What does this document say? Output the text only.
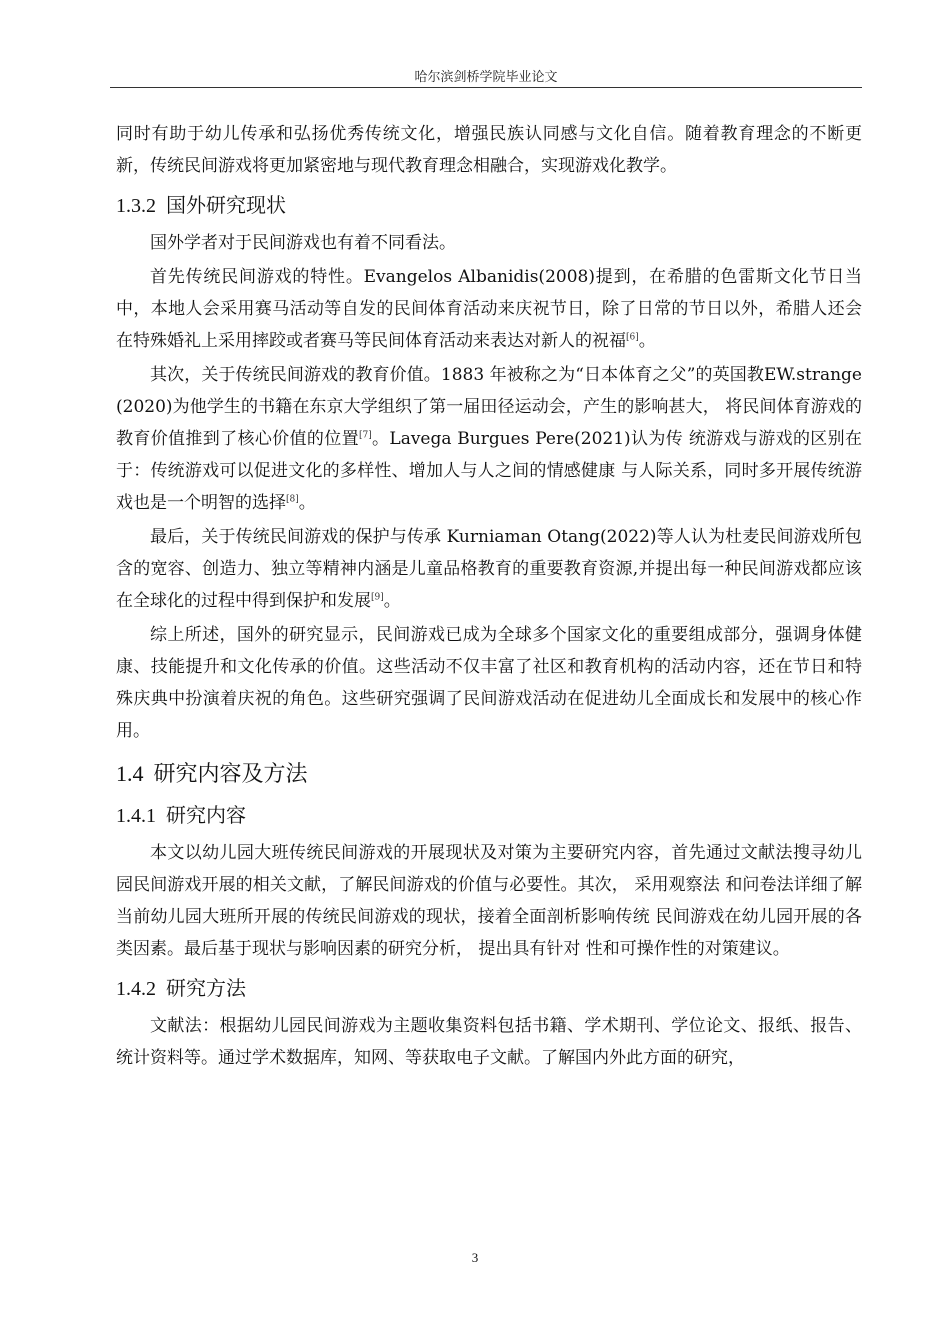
哈尔滨剑桥学院毕业论文

同时有助于幼儿传承和弘扬优秀传统文化，增强民族认同感与文化自信。随着教育理念的不断更新，传统民间游戏将更加紧密地与现代教育理念相融合，实现游戏化教学。

1.3.2 国外研究现状

国外学者对于民间游戏也有着不同看法。

首先传统民间游戏的特性。Evangelos Albanidis(2008)提到，在希腊的色雷斯文化节日当中，本地人会采用赛马活动等自发的民间体育活动来庆祝节日，除了日常的节日以外，希腊人还会在特殊婚礼上采用摔跤或者赛马等民间体育活动来表达对新人的祝福[6]。

其次，关于传统民间游戏的教育价值。1883 年被称之为“日本体育之父”的英国教EW.strange(2020)为他学生的书籍在东京大学组织了第一届田径运动会，产生的影响甚大， 将民间体育游戏的教育价值推到了核心价值的位置[7]。Lavega Burgues Pere(2021)认为传 统游戏与游戏的区别在于：传统游戏可以促进文化的多样性、增加人与人之间的情感健康 与人际关系，同时多开展传统游戏也是一个明智的选择[8]。

最后，关于传统民间游戏的保护与传承 Kurniaman Otang(2022)等人认为杜麦民间游戏所包含的宽容、创造力、独立等精神内涵是儿童品格教育的重要教育资源,并提出每一种民间游戏都应该在全球化的过程中得到保护和发展[9]。

综上所述，国外的研究显示，民间游戏已成为全球多个国家文化的重要组成部分，强调身体健康、技能提升和文化传承的价值。这些活动不仅丰富了社区和教育机构的活动内容，还在节日和特殊庆典中扮演着庆祝的角色。这些研究强调了民间游戏活动在促进幼儿全面成长和发展中的核心作用。

1.4 研究内容及方法
1.4.1 研究内容

本文以幼儿园大班传统民间游戏的开展现状及对策为主要研究内容，首先通过文献法搜寻幼儿园民间游戏开展的相关文献，了解民间游戏的价值与必要性。其次， 采用观察法 和问卷法详细了解当前幼儿园大班所开展的传统民间游戏的现状，接着全面剖析影响传统 民间游戏在幼儿园开展的各类因素。最后基于现状与影响因素的研究分析， 提出具有针对 性和可操作性的对策建议。

1.4.2 研究方法

文献法：根据幼儿园民间游戏为主题收集资料包括书籍、学术期刊、学位论文、报纸、报告、统计资料等。通过学术数据库，知网、等获取电子文献。了解国内外此方面的研究，

3
